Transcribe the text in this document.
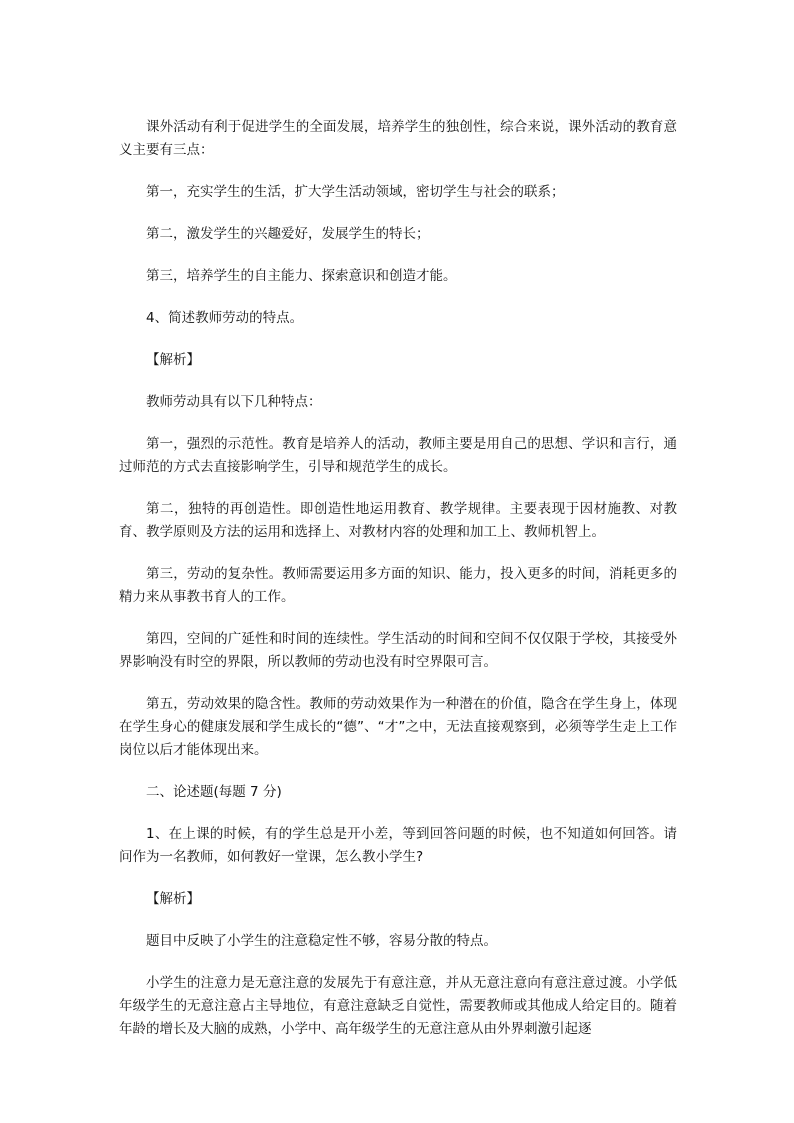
课外活动有利于促进学生的全面发展，培养学生的独创性，综合来说，课外活动的教育意义主要有三点：

第一，充实学生的生活，扩大学生活动领域，密切学生与社会的联系；

第二，激发学生的兴趣爱好，发展学生的特长；

第三，培养学生的自主能力、探索意识和创造才能。

4、简述教师劳动的特点。

【解析】

教师劳动具有以下几种特点：

第一，强烈的示范性。教育是培养人的活动，教师主要是用自己的思想、学识和言行，通过师范的方式去直接影响学生，引导和规范学生的成长。

第二，独特的再创造性。即创造性地运用教育、教学规律。主要表现于因材施教、对教育、教学原则及方法的运用和选择上、对教材内容的处理和加工上、教师机智上。

第三，劳动的复杂性。教师需要运用多方面的知识、能力，投入更多的时间，消耗更多的精力来从事教书育人的工作。

第四，空间的广延性和时间的连续性。学生活动的时间和空间不仅仅限于学校，其接受外界影响没有时空的界限，所以教师的劳动也没有时空界限可言。

第五，劳动效果的隐含性。教师的劳动效果作为一种潜在的价值，隐含在学生身上，体现在学生身心的健康发展和学生成长的“德”、“才”之中，无法直接观察到，必须等学生走上工作岗位以后才能体现出来。

二、论述题(每题 7 分)

1、在上课的时候，有的学生总是开小差，等到回答问题的时候，也不知道如何回答。请问作为一名教师，如何教好一堂课，怎么教小学生?

【解析】

题目中反映了小学生的注意稳定性不够，容易分散的特点。

小学生的注意力是无意注意的发展先于有意注意，并从无意注意向有意注意过渡。小学低年级学生的无意注意占主导地位，有意注意缺乏自觉性，需要教师或其他成人给定目的。随着年龄的增长及大脑的成熟，小学中、高年级学生的无意注意从由外界刺激引起逐
